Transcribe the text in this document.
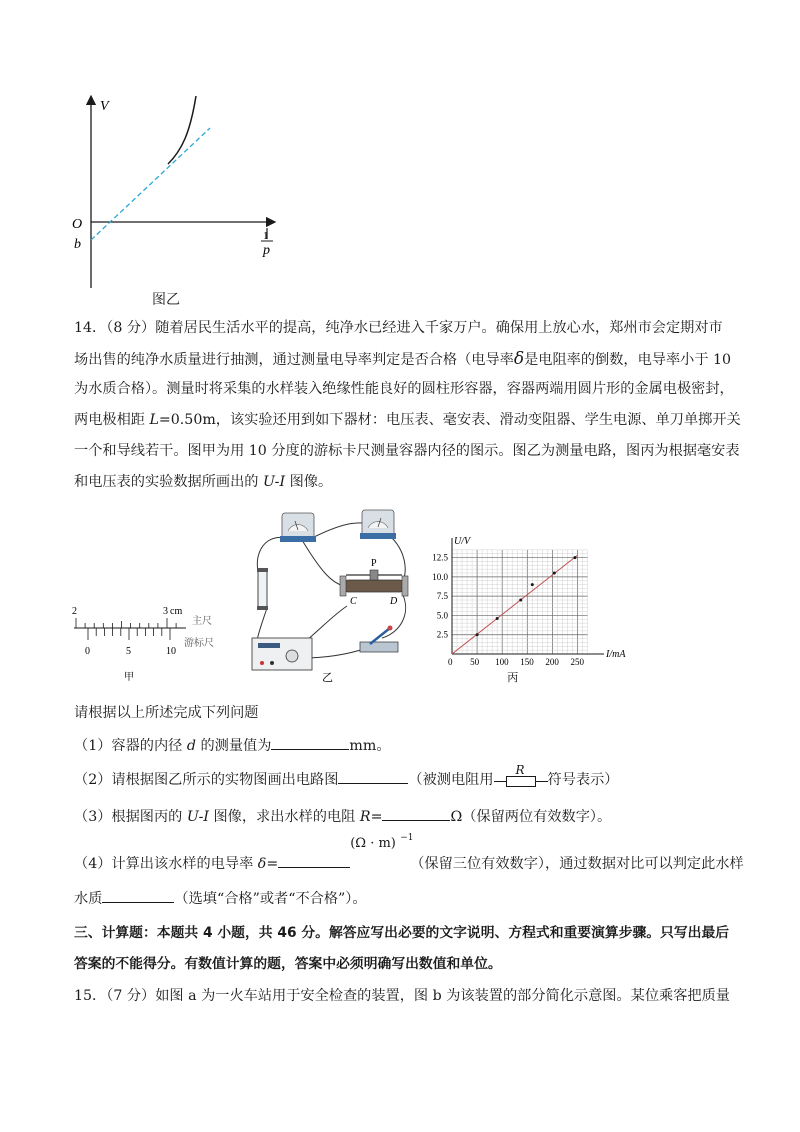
V
O
b	p
1
图乙
14．（8 分）随着居民生活水平的提高，纯净水已经进入千家万户。确保用上放心水，郑州市会定期对市
场出售的纯净水质量进行抽测，通过测量电导率判定是否合格（电导率δ是电阻率的倒数，电导率小于 10
为水质合格）。测量时将采集的水样装入绝缘性能良好的圆柱形容器，容器两端用圆片形的金属电极密封，
两电极相距 L=0.50m，该实验还用到如下器材：电压表、毫安表、滑动变阻器、学生电源、单刀单掷开关
一个和导线若干。图甲为用 10 分度的游标卡尺测量容器内径的图示。图乙为测量电路，图丙为根据毫安表
和电压表的实验数据所画出的 U-I 图像。
2	3 cm
主尺
游标尺
0	5	10
甲
P
C	D
乙
U/V
I/mA
0 50 100 150 200 250
2.5
5.0
7.5
10.0
12.5
丙
请根据以上所述完成下列问题
（1）容器的内径 d 的测量值为	mm。
（2）请根据图乙所示的实物图画出电路图	（被测电阻用
R
符号表示）
（3）根据图丙的 U-I 图像，求出水样的电阻 R=	Ω（保留两位有效数字）。
（4）计算出该水样的电导率 δ=
(Ω · m) −1
（保留三位有效数字），通过数据对比可以判定此水样
水质	（选填“合格”或者“不合格”）。
三、计算题：本题共 4 小题，共 46 分。解答应写出必要的文字说明、方程式和重要演算步骤。只写出最后
答案的不能得分。有数值计算的题，答案中必须明确写出数值和单位。
15．（7 分）如图 a 为一火车站用于安全检查的装置，图 b 为该装置的部分简化示意图。某位乘客把质量
